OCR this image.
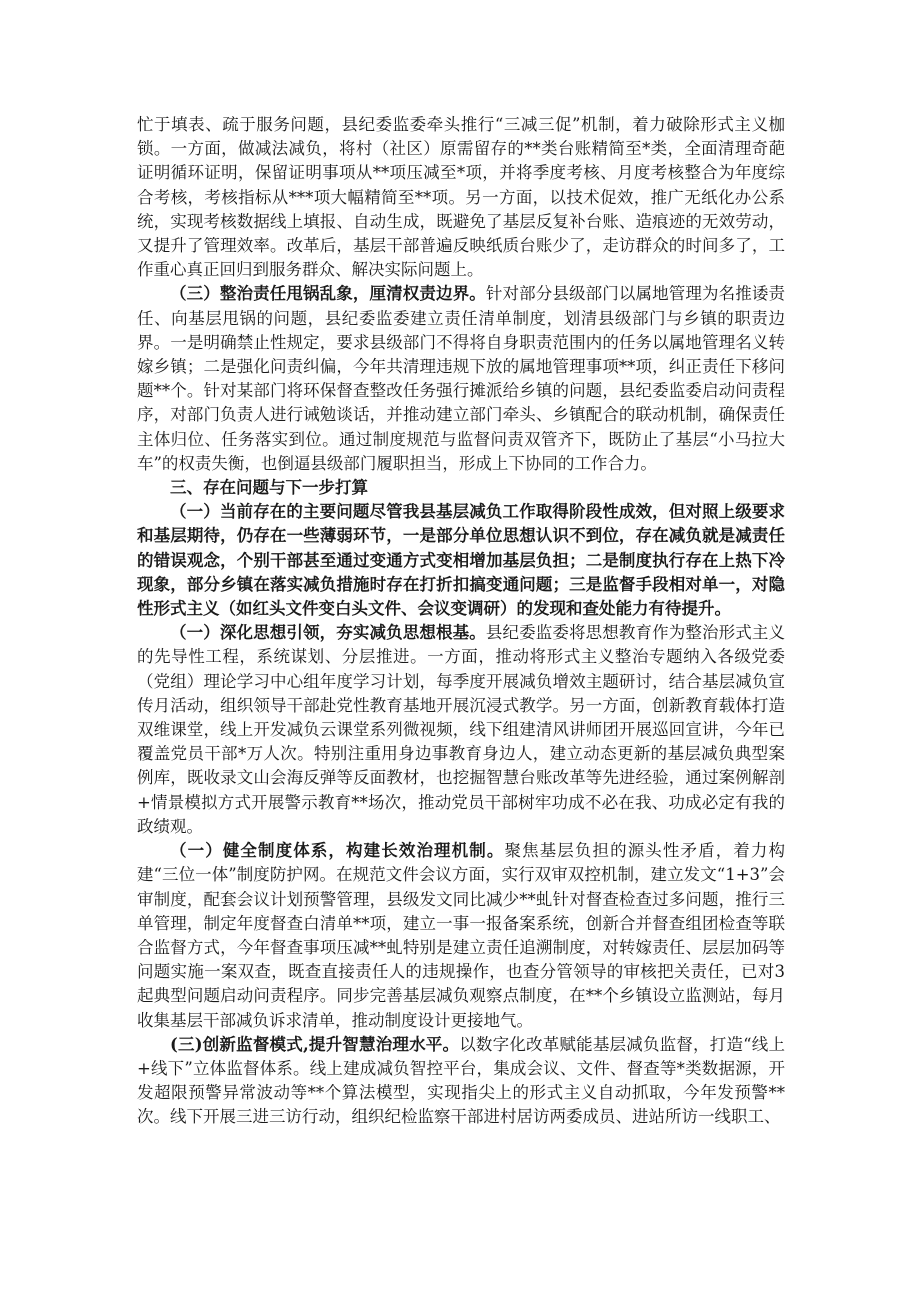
忙于填表、疏于服务问题，县纪委监委牵头推行“三减三促”机制，着力破除形式主义枷锁。一方面，做减法减负，将村（社区）原需留存的**类台账精简至*类，全面清理奇葩证明循环证明，保留证明事项从**项压减至*项，并将季度考核、月度考核整合为年度综合考核，考核指标从***项大幅精简至**项。另一方面，以技术促效，推广无纸化办公系统，实现考核数据线上填报、自动生成，既避免了基层反复补台账、造痕迹的无效劳动，又提升了管理效率。改革后，基层干部普遍反映纸质台账少了，走访群众的时间多了，工作重心真正回归到服务群众、解决实际问题上。

（三）整治责任甩锅乱象，厘清权责边界。针对部分县级部门以属地管理为名推诿责任、向基层甩锅的问题，县纪委监委建立责任清单制度，划清县级部门与乡镇的职责边界。一是明确禁止性规定，要求县级部门不得将自身职责范围内的任务以属地管理名义转嫁乡镇；二是强化问责纠偏，今年共清理违规下放的属地管理事项**项，纠正责任下移问题**个。针对某部门将环保督查整改任务强行摊派给乡镇的问题，县纪委监委启动问责程序，对部门负责人进行诫勉谈话，并推动建立部门牵头、乡镇配合的联动机制，确保责任主体归位、任务落实到位。通过制度规范与监督问责双管齐下，既防止了基层“小马拉大车”的权责失衡，也倒逼县级部门履职担当，形成上下协同的工作合力。

三、存在问题与下一步打算

（一）当前存在的主要问题尽管我县基层减负工作取得阶段性成效，但对照上级要求和基层期待，仍存在一些薄弱环节，一是部分单位思想认识不到位，存在减负就是减责任的错误观念，个别干部甚至通过变通方式变相增加基层负担；二是制度执行存在上热下冷现象，部分乡镇在落实减负措施时存在打折扣搞变通问题；三是监督手段相对单一，对隐性形式主义（如红头文件变白头文件、会议变调研）的发现和查处能力有待提升。

（一）深化思想引领，夯实减负思想根基。县纪委监委将思想教育作为整治形式主义的先导性工程，系统谋划、分层推进。一方面，推动将形式主义整治专题纳入各级党委（党组）理论学习中心组年度学习计划，每季度开展减负增效主题研讨，结合基层减负宣传月活动，组织领导干部赴党性教育基地开展沉浸式教学。另一方面，创新教育载体打造双维课堂，线上开发减负云课堂系列微视频，线下组建清风讲师团开展巡回宣讲，今年已覆盖党员干部*万人次。特别注重用身边事教育身边人，建立动态更新的基层减负典型案例库，既收录文山会海反弹等反面教材，也挖掘智慧台账改革等先进经验，通过案例解剖+情景模拟方式开展警示教育**场次，推动党员干部树牢功成不必在我、功成必定有我的政绩观。

（一）健全制度体系，构建长效治理机制。聚焦基层负担的源头性矛盾，着力构建“三位一体”制度防护网。在规范文件会议方面，实行双审双控机制，建立发文“1+3”会审制度，配套会议计划预警管理，县级发文同比减少**虬针对督查检查过多问题，推行三单管理，制定年度督查白清单**项，建立一事一报备案系统，创新合并督查组团检查等联合监督方式，今年督查事项压减**虬特别是建立责任追溯制度，对转嫁责任、层层加码等问题实施一案双查，既查直接责任人的违规操作，也查分管领导的审核把关责任，已对3起典型问题启动问责程序。同步完善基层减负观察点制度，在**个乡镇设立监测站，每月收集基层干部减负诉求清单，推动制度设计更接地气。

(三)创新监督模式,提升智慧治理水平。以数字化改革赋能基层减负监督，打造“线上+线下”立体监督体系。线上建成减负智控平台，集成会议、文件、督查等*类数据源，开发超限预警异常波动等**个算法模型，实现指尖上的形式主义自动抓取，今年发预警**次。线下开展三进三访行动，组织纪检监察干部进村居访两委成员、进站所访一线职工、
